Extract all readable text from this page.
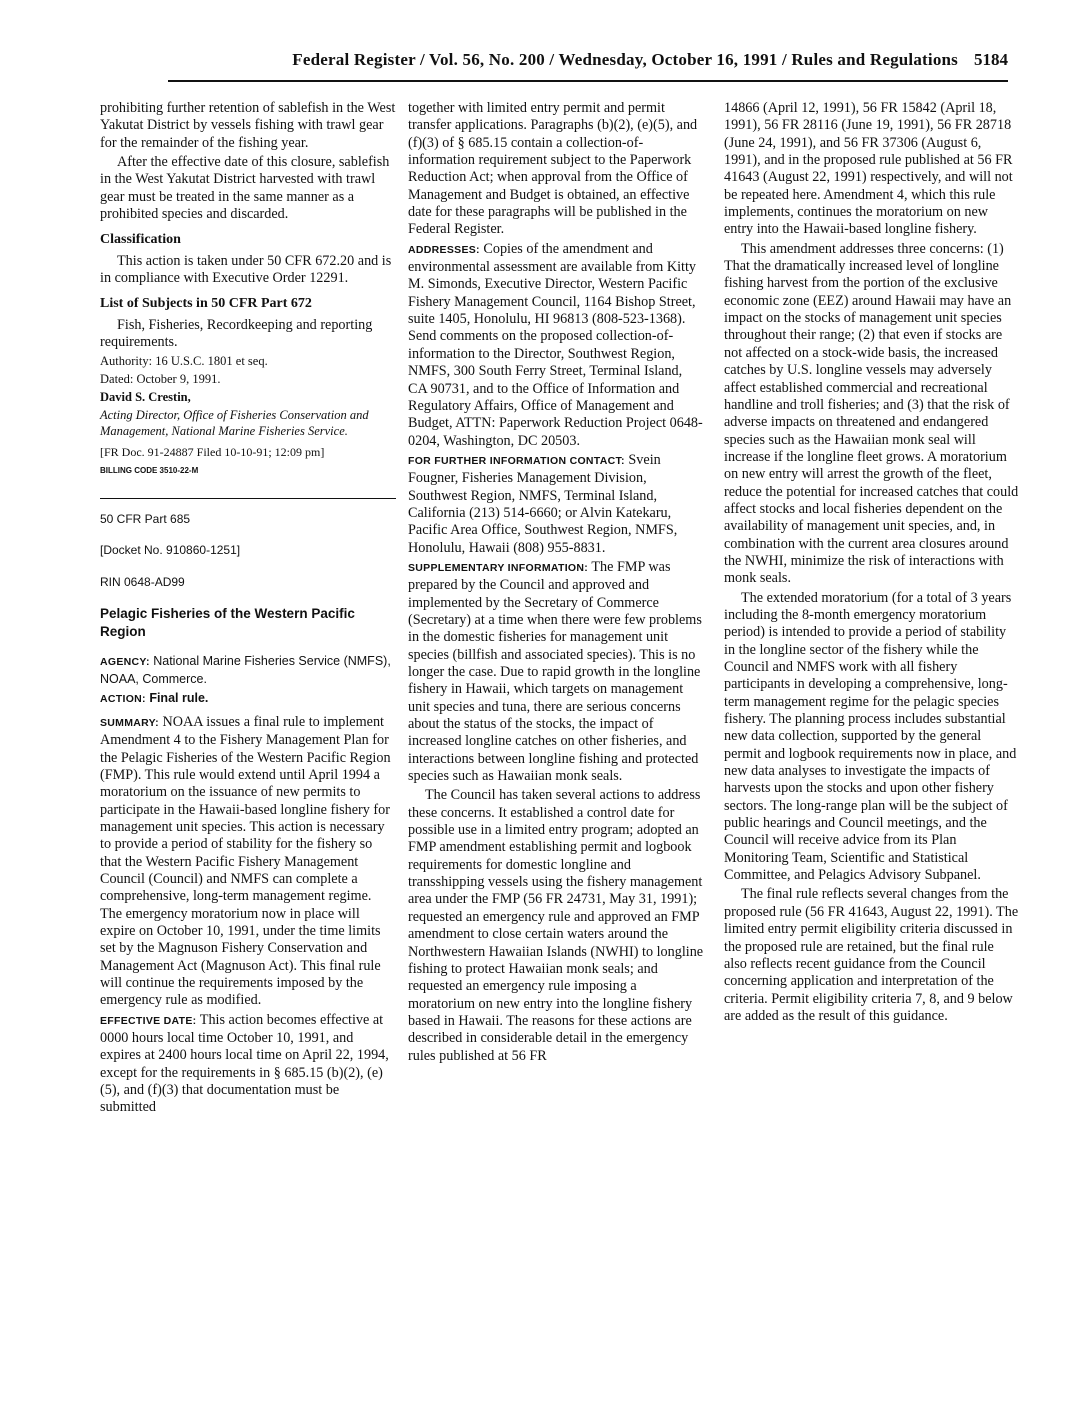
Federal Register / Vol. 56, No. 200 / Wednesday, October 16, 1991 / Rules and Regulations 5184

prohibiting further retention of sablefish in the West Yakutat District by vessels fishing with trawl gear for the remainder of the fishing year.

After the effective date of this closure, sablefish in the West Yakutat District harvested with trawl gear must be treated in the same manner as a prohibited species and discarded.

Classification

This action is taken under 50 CFR 672.20 and is in compliance with Executive Order 12291.

List of Subjects in 50 CFR Part 672

Fish, Fisheries, Recordkeeping and reporting requirements.

Authority: 16 U.S.C. 1801 et seq.

Dated: October 9, 1991.

David S. Crestin,

Acting Director, Office of Fisheries Conservation and Management, National Marine Fisheries Service.

[FR Doc. 91-24887 Filed 10-10-91; 12:09 pm]

BILLING CODE 3510-22-M

50 CFR Part 685

[Docket No. 910860-1251]

RIN 0648-AD99

Pelagic Fisheries of the Western Pacific Region

AGENCY: National Marine Fisheries Service (NMFS), NOAA, Commerce.

ACTION: Final rule.

SUMMARY: NOAA issues a final rule to implement Amendment 4 to the Fishery Management Plan for the Pelagic Fisheries of the Western Pacific Region (FMP). This rule would extend until April 1994 a moratorium on the issuance of new permits to participate in the Hawaii-based longline fishery for management unit species. This action is necessary to provide a period of stability for the fishery so that the Western Pacific Fishery Management Council (Council) and NMFS can complete a comprehensive, long-term management regime. The emergency moratorium now in place will expire on October 10, 1991, under the time limits set by the Magnuson Fishery Conservation and Management Act (Magnuson Act). This final rule will continue the requirements imposed by the emergency rule as modified.

EFFECTIVE DATE: This action becomes effective at 0000 hours local time October 10, 1991, and expires at 2400 hours local time on April 22, 1994, except for the requirements in § 685.15 (b)(2), (e)(5), and (f)(3) that documentation must be submitted

together with limited entry permit and permit transfer applications. Paragraphs (b)(2), (e)(5), and (f)(3) of § 685.15 contain a collection-of-information requirement subject to the Paperwork Reduction Act; when approval from the Office of Management and Budget is obtained, an effective date for these paragraphs will be published in the Federal Register.

ADDRESSES: Copies of the amendment and environmental assessment are available from Kitty M. Simonds, Executive Director, Western Pacific Fishery Management Council, 1164 Bishop Street, suite 1405, Honolulu, HI 96813 (808-523-1368). Send comments on the proposed collection-of-information to the Director, Southwest Region, NMFS, 300 South Ferry Street, Terminal Island, CA 90731, and to the Office of Information and Regulatory Affairs, Office of Management and Budget, ATTN: Paperwork Reduction Project 0648-0204, Washington, DC 20503.

FOR FURTHER INFORMATION CONTACT: Svein Fougner, Fisheries Management Division, Southwest Region, NMFS, Terminal Island, California (213) 514-6660; or Alvin Katekaru, Pacific Area Office, Southwest Region, NMFS, Honolulu, Hawaii (808) 955-8831.

SUPPLEMENTARY INFORMATION: The FMP was prepared by the Council and approved and implemented by the Secretary of Commerce (Secretary) at a time when there were few problems in the domestic fisheries for management unit species (billfish and associated species). This is no longer the case. Due to rapid growth in the longline fishery in Hawaii, which targets on management unit species and tuna, there are serious concerns about the status of the stocks, the impact of increased longline catches on other fisheries, and interactions between longline fishing and protected species such as Hawaiian monk seals.

The Council has taken several actions to address these concerns. It established a control date for possible use in a limited entry program; adopted an FMP amendment establishing permit and logbook requirements for domestic longline and transshipping vessels using the fishery management area under the FMP (56 FR 24731, May 31, 1991); requested an emergency rule and approved an FMP amendment to close certain waters around the Northwestern Hawaiian Islands (NWHI) to longline fishing to protect Hawaiian monk seals; and requested an emergency rule imposing a moratorium on new entry into the longline fishery based in Hawaii. The reasons for these actions are described in considerable detail in the emergency rules published at 56 FR

14866 (April 12, 1991), 56 FR 15842 (April 18, 1991), 56 FR 28116 (June 19, 1991), 56 FR 28718 (June 24, 1991), and 56 FR 37306 (August 6, 1991), and in the proposed rule published at 56 FR 41643 (August 22, 1991) respectively, and will not be repeated here. Amendment 4, which this rule implements, continues the moratorium on new entry into the Hawaii-based longline fishery.

This amendment addresses three concerns: (1) That the dramatically increased level of longline fishing harvest from the portion of the exclusive economic zone (EEZ) around Hawaii may have an impact on the stocks of management unit species throughout their range; (2) that even if stocks are not affected on a stock-wide basis, the increased catches by U.S. longline vessels may adversely affect established commercial and recreational handline and troll fisheries; and (3) that the risk of adverse impacts on threatened and endangered species such as the Hawaiian monk seal will increase if the longline fleet grows. A moratorium on new entry will arrest the growth of the fleet, reduce the potential for increased catches that could affect stocks and local fisheries dependent on the availability of management unit species, and, in combination with the current area closures around the NWHI, minimize the risk of interactions with monk seals.

The extended moratorium (for a total of 3 years including the 8-month emergency moratorium period) is intended to provide a period of stability in the longline sector of the fishery while the Council and NMFS work with all fishery participants in developing a comprehensive, long-term management regime for the pelagic species fishery. The planning process includes substantial new data collection, supported by the general permit and logbook requirements now in place, and new data analyses to investigate the impacts of harvests upon the stocks and upon other fishery sectors. The long-range plan will be the subject of public hearings and Council meetings, and the Council will receive advice from its Plan Monitoring Team, Scientific and Statistical Committee, and Pelagics Advisory Subpanel.

The final rule reflects several changes from the proposed rule (56 FR 41643, August 22, 1991). The limited entry permit eligibility criteria discussed in the proposed rule are retained, but the final rule also reflects recent guidance from the Council concerning application and interpretation of the criteria. Permit eligibility criteria 7, 8, and 9 below are added as the result of this guidance.
